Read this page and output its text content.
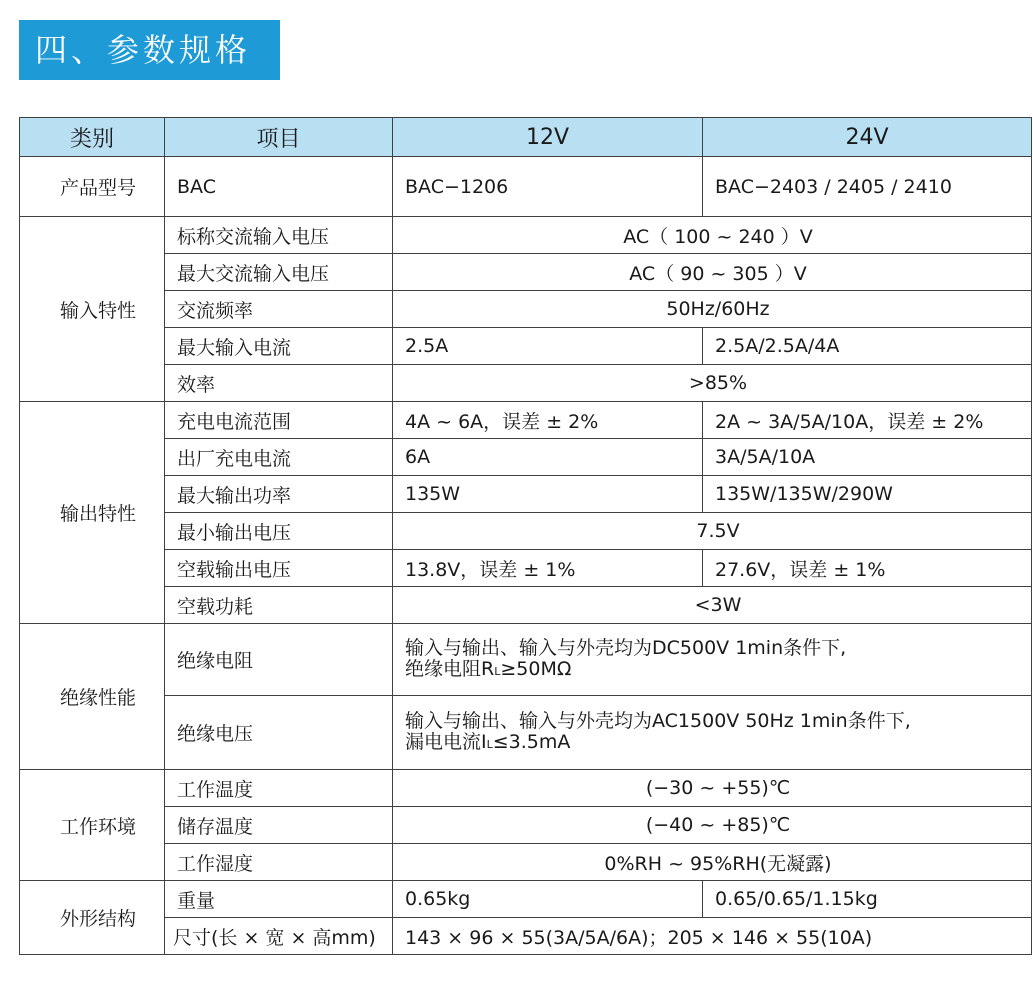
四、参数规格
类别	项目	12V	24V
产品型号	BAC	BAC−1206	BAC−2403 / 2405 / 2410
输入特性	标称交流输入电压	AC（ 100 ~ 240 ）V	
	最大交流输入电压	AC（ 90 ~ 305 ）V	
	交流频率	50Hz/60Hz	
	最大输入电流	2.5A	2.5A/2.5A/4A
	效率	>85%	
输出特性	充电电流范围	4A ~ 6A，误差 ± 2%	2A ~ 3A/5A/10A，误差 ± 2%
	出厂充电电流	6A	3A/5A/10A
	最大输出功率	135W	135W/135W/290W
	最小输出电压	7.5V	
	空载输出电压	13.8V，误差 ± 1%	27.6V，误差 ± 1%
	空载功耗	<3W	
绝缘性能	绝缘电阻	输入与输出、输入与外壳均为DC500V 1min条件下,
绝缘电阻RL≥50MΩ	

	绝缘电压	输入与输出、输入与外壳均为AC1500V 50Hz 1min条件下,
漏电电流IL≤3.5mA	

工作环境	工作温度	(−30 ~ +55)℃	
	储存温度	(−40 ~ +85)℃	
	工作湿度	0%RH ~ 95%RH(无凝露)	
外形结构	重量	0.65kg	0.65/0.65/1.15kg
	尺寸(长 × 宽 × 高mm)	143 × 96 × 55(3A/5A/6A)；205 × 146 × 55(10A)	
